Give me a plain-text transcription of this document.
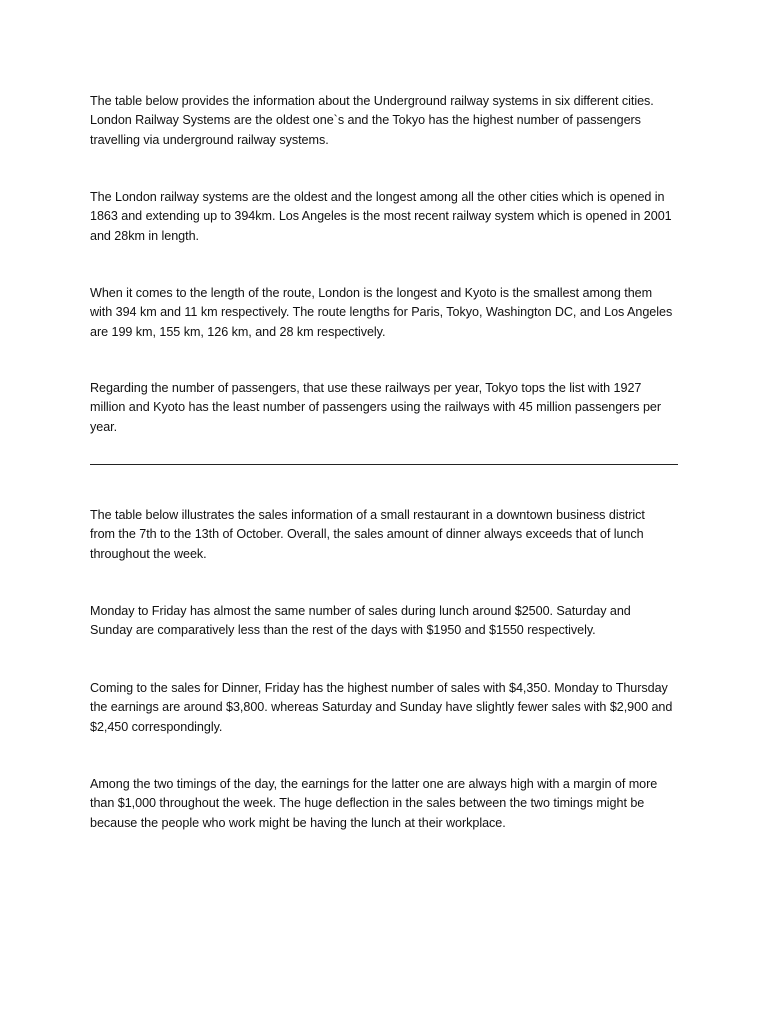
The table below provides the information about the Underground railway systems in six different cities.
London Railway Systems are the oldest one`s and the Tokyo has the highest number of passengers
travelling via underground railway systems.

The London railway systems are the oldest and the longest among all the other cities which is opened in
1863 and extending up to 394km. Los Angeles is the most recent railway system which is opened in 2001
and 28km in length.

When it comes to the length of the route, London is the longest and Kyoto is the smallest among them
with 394 km and 11 km respectively. The route lengths for Paris, Tokyo, Washington DC, and Los Angeles
are 199 km, 155 km, 126 km, and 28 km respectively.

Regarding the number of passengers, that use these railways per year, Tokyo tops the list with 1927
million and Kyoto has the least number of passengers using the railways with 45 million passengers per
year.

The table below illustrates the sales information of a small restaurant in a downtown business district
from the 7th to the 13th of October. Overall, the sales amount of dinner always exceeds that of lunch
throughout the week.

Monday to Friday has almost the same number of sales during lunch around $2500. Saturday and
Sunday are comparatively less than the rest of the days with $1950 and $1550 respectively.

Coming to the sales for Dinner, Friday has the highest number of sales with $4,350. Monday to Thursday
the earnings are around $3,800. whereas Saturday and Sunday have slightly fewer sales with $2,900 and
$2,450 correspondingly.

Among the two timings of the day, the earnings for the latter one are always high with a margin of more
than $1,000 throughout the week. The huge deflection in the sales between the two timings might be
because the people who work might be having the lunch at their workplace.
